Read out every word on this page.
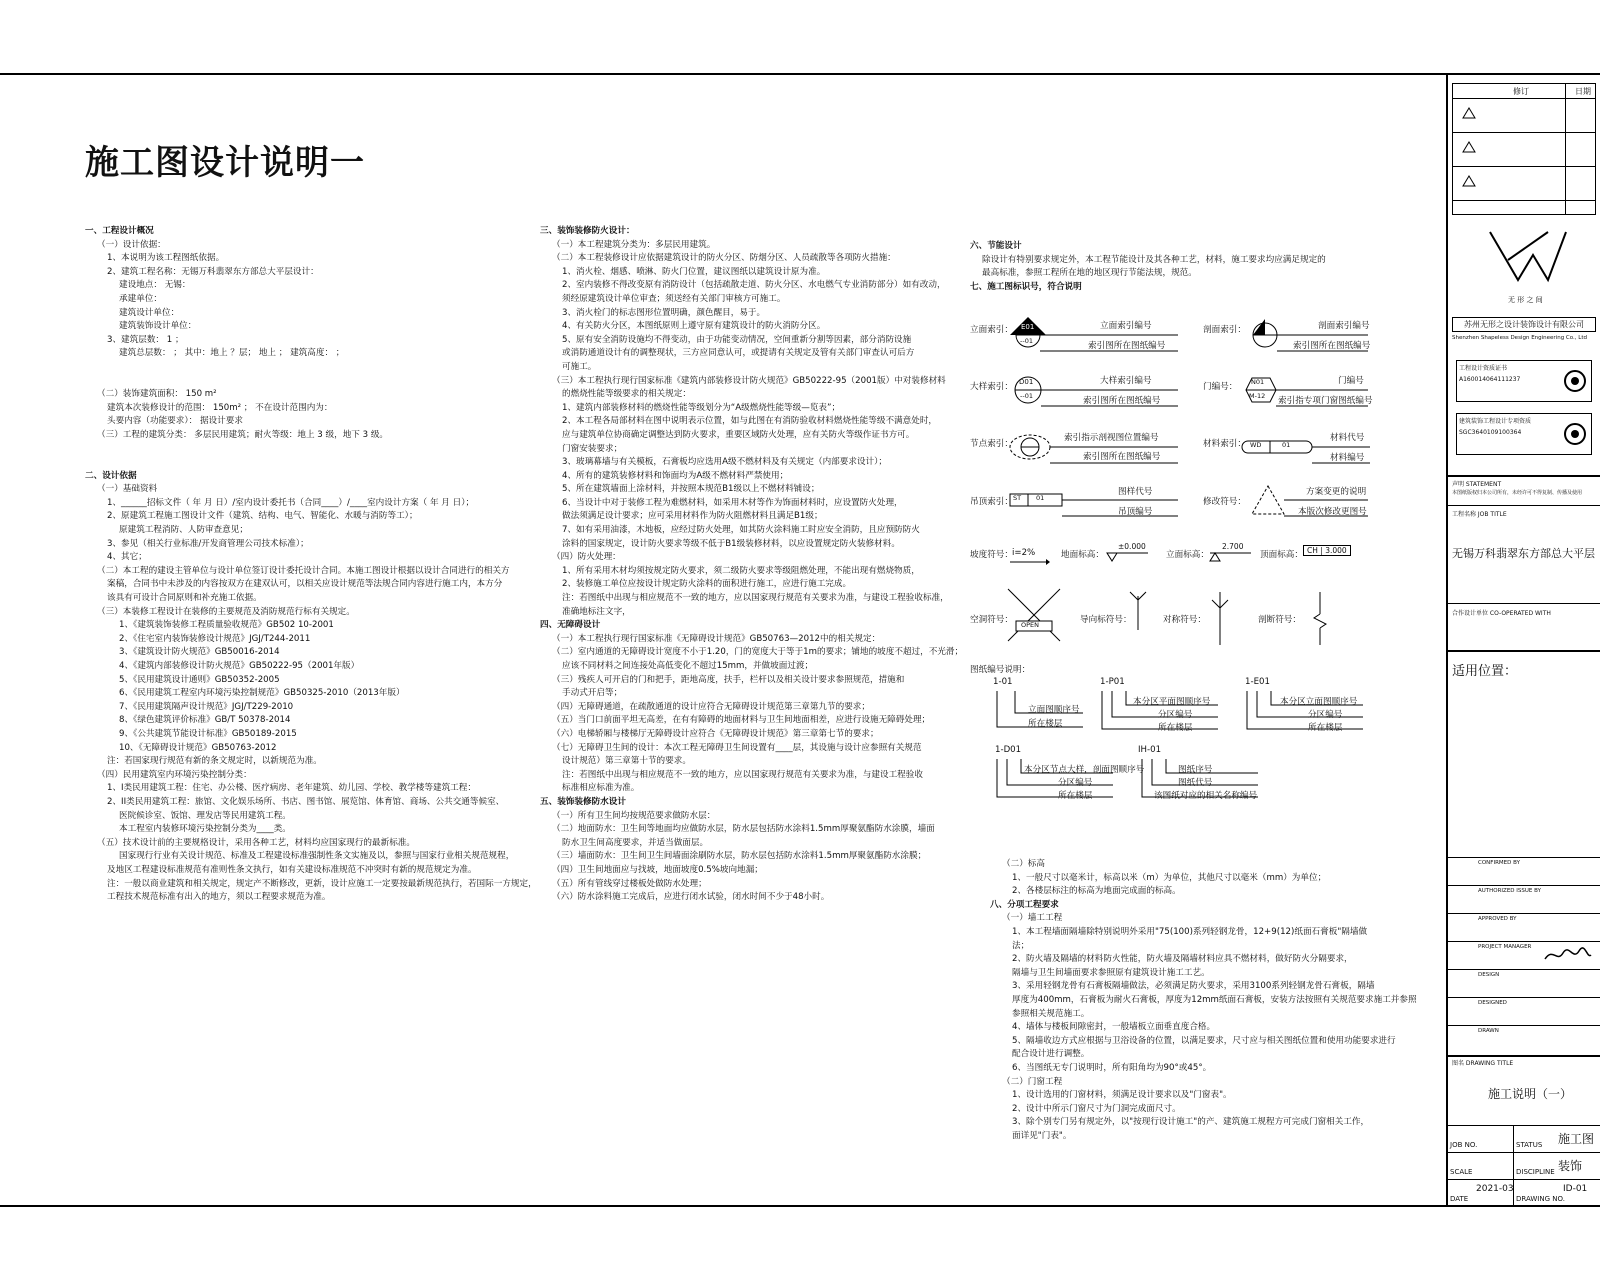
施工图设计说明一
一、工程设计概况
（一）设计依据：
1、本说明为该工程图纸依据。
2、建筑工程名称：无锡万科翡翠东方部总大平层设计：
建设地点： 无锡：
承建单位：
建筑设计单位：
建筑装饰设计单位：
3、建筑层数： 1 ；
建筑总层数： ； 其中：地上 ？层； 地上 ； 建筑高度： ；

（二）装饰建筑面积： 150 m²
建筑本次装修设计的范围： 150m² ； 不在设计范围内为：
头要内容（功能要求）： 据设计要求
（三）工程的建筑分类： 多层民用建筑；耐火等级：地上 3 级，地下 3 级。

二、设计依据
（一）基础资料
1、______招标文件（ 年 月 日）/室内设计委托书（合同____）/____室内设计方案（ 年 月 日）；
2、原建筑工程施工图设计文件（建筑、结构、电气、智能化、水暖与消防等工）；
原建筑工程消防、人防审查意见；
3、参见（相关行业标准/开发商管理公司技术标准）；
4、其它；
（二）本工程的建设主管单位与设计单位签订设计委托设计合同。本施工图设计根据以设计合同进行的相关方
案稿，合同书中未涉及的内容按双方在建双认可，以相关应设计规范等法规合同内容进行施工内，本方分
该具有可设计合同原则和补充施工依据。
（三）本装修工程设计在装修的主要规范及消防规范行标有关规定。
1、《建筑装饰装修工程质量验收规范》GB502 10-2001
2、《住宅室内装饰装修设计规范》JGJ/T244-2011
3、《建筑设计防火规范》GB50016-2014
4、《建筑内部装修设计防火规范》GB50222-95（2001年版）
5、《民用建筑设计通则》GB50352-2005
6、《民用建筑工程室内环境污染控制规范》GB50325-2010（2013年版）
7、《民用建筑隔声设计规范》JGJ/T229-2010
8、《绿色建筑评价标准》GB/T 50378-2014
9、《公共建筑节能设计标准》GB50189-2015
10、《无障碍设计规范》GB50763-2012
注：若国家现行规范有新的条文规定时，以新规范为准。
（四）民用建筑室内环境污染控制分类：
1、I类民用建筑工程：住宅、办公楼、医疗病房、老年建筑、幼儿园、学校、教学楼等建筑工程：
2、II类民用建筑工程：旅馆、文化娱乐场所、书店、图书馆、展览馆、体育馆、商场、公共交通等候室、
医院候诊室、饭馆、理发店等民用建筑工程。
本工程室内装修环境污染控制分类为____类。
（五）技术设计前的主要规格设计，采用各种工艺，材料均应国家现行的最新标准。
国家现行行业有关设计规范、标准及工程建设标准强制性条文实施及以，参照与国家行业相关规范规程，
及地区工程建设标准规范有准则性条文执行，如有关建设标准规范不冲突时有新的规范规定为准。
注：一般以商业建筑和相关规定，规定产不断修改，更新，设计应施工一定要按最新规范执行，若国际一方规定，
工程技术规范标准有出入的地方，须以工程要求规范为准。
三、装饰装修防火设计：
（一）本工程建筑分类为：多层民用建筑。
（二）本工程装修设计应依据建筑设计的防火分区、防烟分区、人员疏散等各项防火措施：
1、消火栓、烟感、喷淋、防火门位置，建议图纸以建筑设计原为准。
2、室内装修不得改变原有消防设计（包括疏散走道、防火分区、水电燃气专业消防部分）如有改动，
须经原建筑设计单位审查；须送经有关部门审核方可施工。
3、消火栓门的标志图形位置明确，颜色醒目，易于。
4、有关防火分区，本图纸原则上遵守原有建筑设计的防火消防分区。
5、原有安全消防设施均不得变动，由于功能变动情况，空间重新分割等因素，部分消防设施
或消防通道设计有的调整现状，三方应同意认可，或提请有关规定及管有关部门审查认可后方
可施工。
（三）本工程执行现行国家标准《建筑内部装修设计防火规范》GB50222-95（2001版）中对装修材料
的燃烧性能等级要求的相关规定：
1、建筑内部装修材料的燃烧性能等级划分为“A级燃烧性能等级—览表”；
2、本工程各局部材料在图中说明表示位置，如与此图在有消防验收材料燃烧性能等级不满意处时，
应与建筑单位协商确定调整达到防火要求，重要区域防火处理，应有关防火等级作证书方可。
门窗安装要求；
3、玻璃幕墙与有关模板，石膏板均应选用A级不燃材料及有关规定（内部要求设计）；
4、所有的建筑装修材料和饰面均为A级不燃材料严禁使用；
5、所在建筑墙面上涂材料，并按照本规范B1级以上不燃材料铺设；
6、当设计中对于装修工程为难燃材料，如采用木材等作为饰面材料时，应设置防火处理，
做法须满足设计要求；应可采用材料作为防火阻燃材料且满足B1级；
7、如有采用油漆，木地板，应经过防火处理，如其防火涂料施工时应安全消防，且应预防防火
涂料的国家规定，设计防火要求等级不低于B1级装修材料，以应设置规定防火装修材料。
（四）防火处理：
1、所有采用木材均须按规定防火要求，须二级防火要求等级阻燃处理，不能出现有燃烧物质，
2、装修施工单位应按设计规定防火涂料的面积进行施工，应进行施工完成。
注：若图纸中出现与相应规范不一致的地方，应以国家现行规范有关要求为准，与建设工程验收标准，
准确地标注文字，
四、无障碍设计
（一）本工程执行现行国家标准《无障碍设计规范》GB50763—2012中的相关规定：
（二）室内通道的无障碍设计宽度不小于1.20，门的宽度大于等于1m的要求；铺地的坡度不超过，不光滑；
应该不同材料之间连接处高低变化不超过15mm，并做坡面过渡；
（三）残疾人可开启的门和把手，距地高度，扶手，栏杆以及相关设计要求参照规范，措施和
手动式开启等；
（四）无障碍通道，在疏散通道的设计应符合无障碍设计规范第三章第九节的要求；
（五）当门口前面平坦无高差，在有有障碍的地面材料与卫生间地面相差，应进行设施无障碍处理；
（六）电梯轿厢与楼梯厅无障碍设计应符合《无障碍设计规范》第三章第七节的要求；
（七）无障碍卫生间的设计：本次工程无障碍卫生间设置有____层，其设施与设计应参照有关规范
设计规范）第三章第十节的要求。
注：若图纸中出现与相应规范不一致的地方，应以国家现行规范有关要求为准，与建设工程验收
标准相应标准为准。
五、装饰装修防水设计
（一）所有卫生间均按规范要求做防水层：
（二）地面防水：卫生间等地面均应做防水层，防水层包括防水涂料1.5mm厚聚氨酯防水涂膜，墙面
防水卫生间高度要求，并适当做面层。
（三）墙面防水：卫生间卫生间墙面涂刷防水层，防水层包括防水涂料1.5mm厚聚氨酯防水涂膜；
（四）卫生间地面应与找坡，地面坡度0.5%坡向地漏；
（五）所有管线穿过楼板处做防水处理；
（六）防水涂料施工完成后，应进行闭水试验，闭水时间不少于48小时。
六、节能设计
除设计有特别要求规定外，本工程节能设计及其各种工艺，材料，施工要求均应满足规定的
最高标准，参照工程所在地的地区现行节能法规，规范。
七、施工图标识号，符合说明
立面索引： E01
--01
立面索引编号
索引图所在图纸编号
剖面索引：	剖面索引编号
索引图所在图纸编号
大样索引： D01
--01
大样索引编号
索引图所在图纸编号
门编号： N01
M-12
门编号
索引指专项门窗图纸编号
节点索引：
索引指示剖视图位置编号
索引图所在图纸编号
材料索引： WD	01
材料代号
材料编号
吊顶索引： ST 01
图样代号
吊顶编号
修改符号：
方案变更的说明
本版次修改更图号
坡度符号： i=2%	地面标高：
±0.000
立面标高：
2.700
顶面标高： CH | 3.000
空洞符号： OPEN	导向标符号：	对称符号：	剖断符号：
图纸编号说明：
1-01
立面图顺序号
所在楼层
1-P01
本分区平面图顺序号
分区编号
所在楼层
1-E01
本分区立面图顺序号
分区编号
所在楼层
1-D01
本分区节点大样，剖面图顺序号
分区编号
所在楼层
IH-01
图纸序号
图纸代号
该图纸对应的相关名称编号
（二）标高
1、一般尺寸以毫米计，标高以米（m）为单位，其他尺寸以毫米（mm）为单位；
2、各楼层标注的标高为地面完成面的标高。
八、分项工程要求
（一）墙工工程
1、本工程墙面隔墙除特别说明外采用"75(100)系列轻钢龙骨，12+9(12)纸面石膏板"隔墙做
法；
2、防火墙及隔墙的材料防火性能，防火墙及隔墙材料应具不燃材料，做好防火分隔要求，
隔墙与卫生间墙面要求参照原有建筑设计施工工艺。
3、采用轻钢龙骨有石膏板隔墙做法，必须满足防火要求，采用3100系列轻钢龙骨石膏板，隔墙
厚度为400mm，石膏板为耐火石膏板，厚度为12mm纸面石膏板，安装方法按照有关规范要求施工并参照
参照相关规范施工。
4、墙体与楼板间隙密封，一般墙板立面垂直度合格。
5、隔墙收边方式应根据与卫浴设备的位置，以满足要求，尺寸应与相关图纸位置和使用功能要求进行
配合设计进行调整。
6、当图纸无专门说明时，所有阳角均为90°或45°。
（二）门窗工程
1、设计选用的门窗材料，须满足设计要求以及"门窗表"。
2、设计中所示门窗尺寸为门洞完成面尺寸。
3、除个别专门另有规定外，以"按现行设计施工"的产、建筑施工规程方可完成门窗相关工作，
面详见"门表"。
修订	日期
无 形 之 间
苏州无形之设计装饰设计有限公司
Shenzhen Shapeless Design Engineering Co., Ltd
工程设计资质证书
A160014064111237
建筑装饰工程设计专项资质
SGC3640109100364
声明 STATEMENT
本图纸版权归本公司所有，未经许可不得复制、传播及使用
工程名称 JOB TITLE
无锡万科翡翠东方部总大平层
合作设计单位 CO-OPERATED WITH
适用位置：
CONFIRMED BY
AUTHORIZED ISSUE BY
APPROVED BY
PROJECT MANAGER
DESIGN
DESIGNED
DRAWN
图名 DRAWING TITLE
施工说明（一）
JOB NO.	STATUS 施工图
SCALE	DISCIPLINE 装饰
DATE
2021-03
DRAWING NO.
ID-01
